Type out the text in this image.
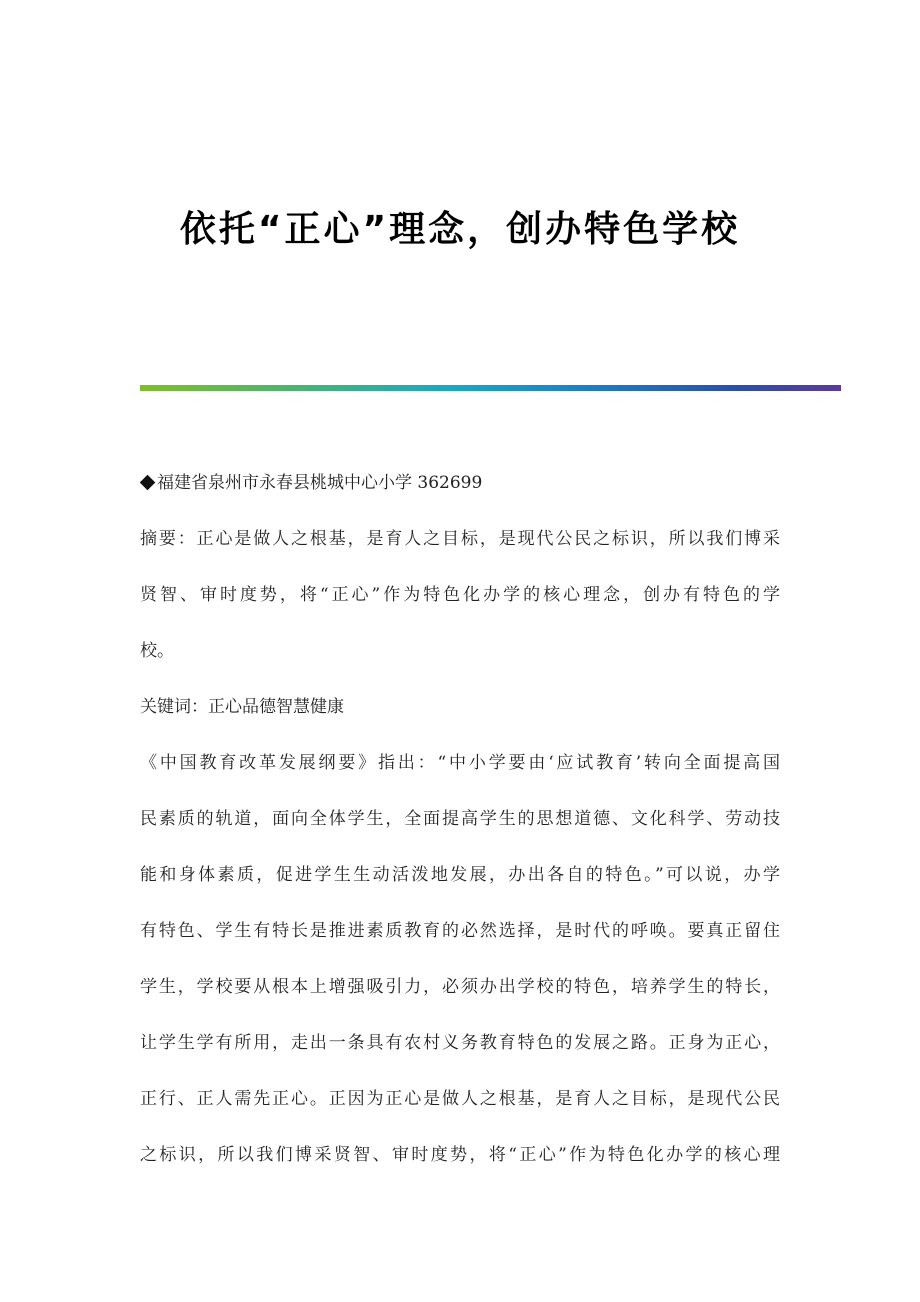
依托“正心”理念，创办特色学校
福建省泉州市永春县桃城中心小学 362699
摘要：正心是做人之根基，是育人之目标，是现代公民之标识，所以我们博采
贤智、审时度势，将“正心”作为特色化办学的核心理念，创办有特色的学
校。
关键词：正心品德智慧健康
《中国教育改革发展纲要》指出：“中小学要由‘应试教育’转向全面提高国
民素质的轨道，面向全体学生，全面提高学生的思想道德、文化科学、劳动技
能和身体素质，促进学生生动活泼地发展，办出各自的特色。”可以说，办学
有特色、学生有特长是推进素质教育的必然选择，是时代的呼唤。要真正留住
学生，学校要从根本上增强吸引力，必须办出学校的特色，培养学生的特长，
让学生学有所用，走出一条具有农村义务教育特色的发展之路。正身为正心，
正行、正人需先正心。正因为正心是做人之根基，是育人之目标，是现代公民
之标识，所以我们博采贤智、审时度势，将“正心”作为特色化办学的核心理
